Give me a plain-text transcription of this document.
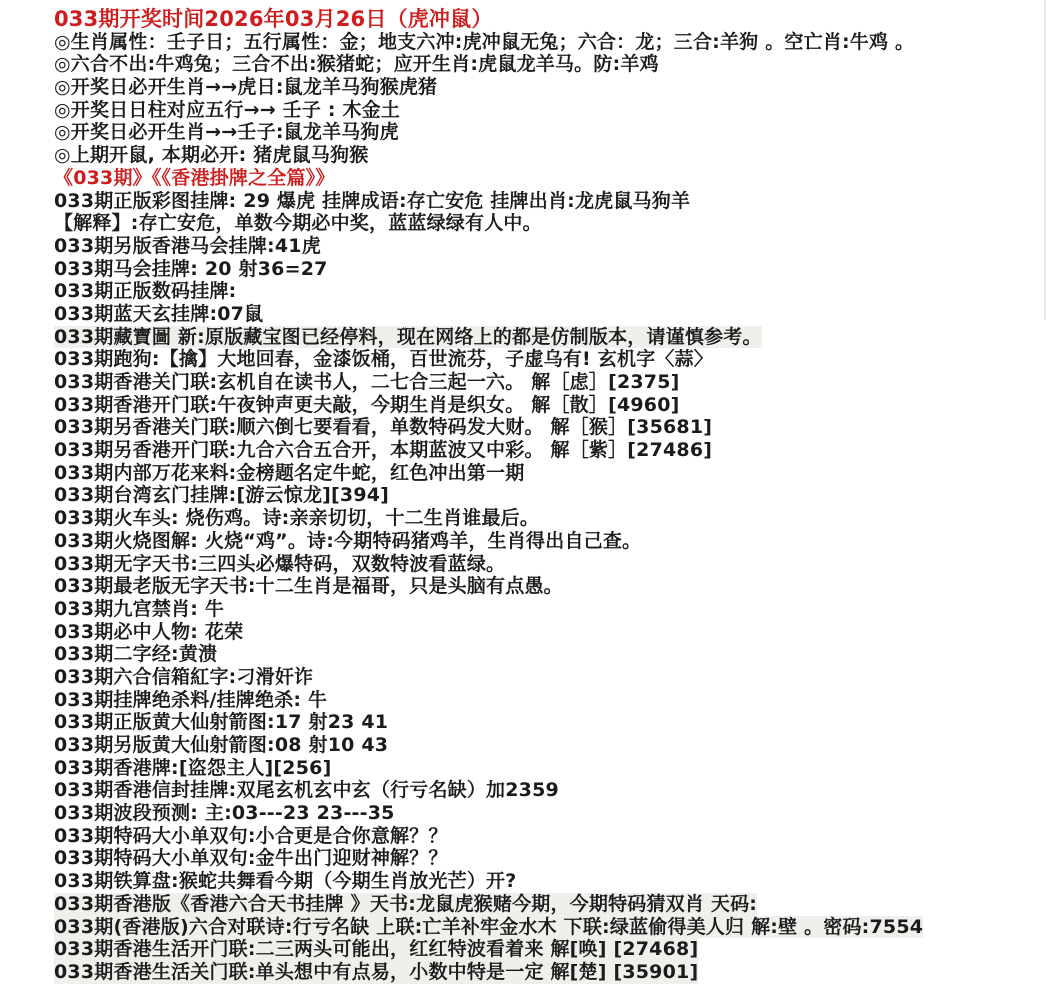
033期开奖时间2026年03月26日（虎冲鼠）
◎生肖属性：壬子日；五行属性：金；地支六冲:虎冲鼠无兔；六合：龙；三合:羊狗 。空亡肖:牛鸡 。
◎六合不出:牛鸡兔；三合不出:猴猪蛇；应开生肖:虎鼠龙羊马。防:羊鸡
◎开奖日必开生肖→→虎日:鼠龙羊马狗猴虎猪
◎开奖日日柱对应五行→→ 壬子 : 木金土
◎开奖日必开生肖→→壬子:鼠龙羊马狗虎
◎上期开鼠, 本期必开: 猪虎鼠马狗猴
《033期》《《香港掛牌之全篇》》
033期正版彩图挂牌: 29 爆虎 挂牌成语:存亡安危 挂牌出肖:龙虎鼠马狗羊
【解释】:存亡安危，单数今期必中奖，蓝蓝绿绿有人中。
033期另版香港马会挂牌:41虎
033期马会挂牌: 20 射36=27
033期正版数码挂牌:
033期蓝天玄挂牌:07鼠
033期藏寶圖 新:原版藏宝图已经停料，现在网络上的都是仿制版本，请谨慎参考。
033期跑狗:【擒】大地回春，金漆饭桶，百世流芬，子虚乌有! 玄机字〈蒜〉
033期香港关门联:玄机自在读书人，二七合三起一六。 解［虑］[2375]
033期香港开门联:午夜钟声更夫敲，今期生肖是织女。 解［散］[4960]
033期另香港关门联:顺六倒七要看看，单数特码发大财。 解［猴］[35681]
033期另香港开门联:九合六合五合开，本期蓝波又中彩。 解［紫］[27486]
033期内部万花来料:金榜题名定牛蛇，红色冲出第一期
033期台湾玄门挂牌:[游云惊龙][394]
033期火车头: 烧伤鸡。诗:亲亲切切，十二生肖谁最后。
033期火烧图解: 火烧“鸡”。诗:今期特码猪鸡羊，生肖得出自己查。
033期无字天书:三四头必爆特码，双数特波看蓝绿。
033期最老版无字天书:十二生肖是福哥，只是头脑有点愚。
033期九宫禁肖: 牛
033期必中人物: 花荣
033期二字经:黄溃
033期六合信箱紅字:刁滑奸诈
033期挂牌绝杀料/挂牌绝杀: 牛
033期正版黄大仙射箭图:17 射23 41
033期另版黄大仙射箭图:08 射10 43
033期香港牌:[盗怨主人][256]
033期香港信封挂牌:双尾玄机玄中玄（行亏名缺）加2359
033期波段预测: 主:03---23 23---35
033期特码大小单双句:小合更是合你意解？？
033期特码大小单双句:金牛出门迎财神解？？
033期铁算盘:猴蛇共舞看今期（今期生肖放光芒）开?
033期香港版《香港六合天书挂牌 》天书:龙鼠虎猴赌今期，今期特码猜双肖 天码:
033期(香港版)六合对联诗:行亏名缺 上联:亡羊补牢金水木 下联:绿蓝偷得美人归 解:壁 。密码:7554
033期香港生活开门联:二三两头可能出，红红特波看着来 解[唤] [27468]
033期香港生活关门联:单头想中有点易，小数中特是一定 解[楚] [35901]
